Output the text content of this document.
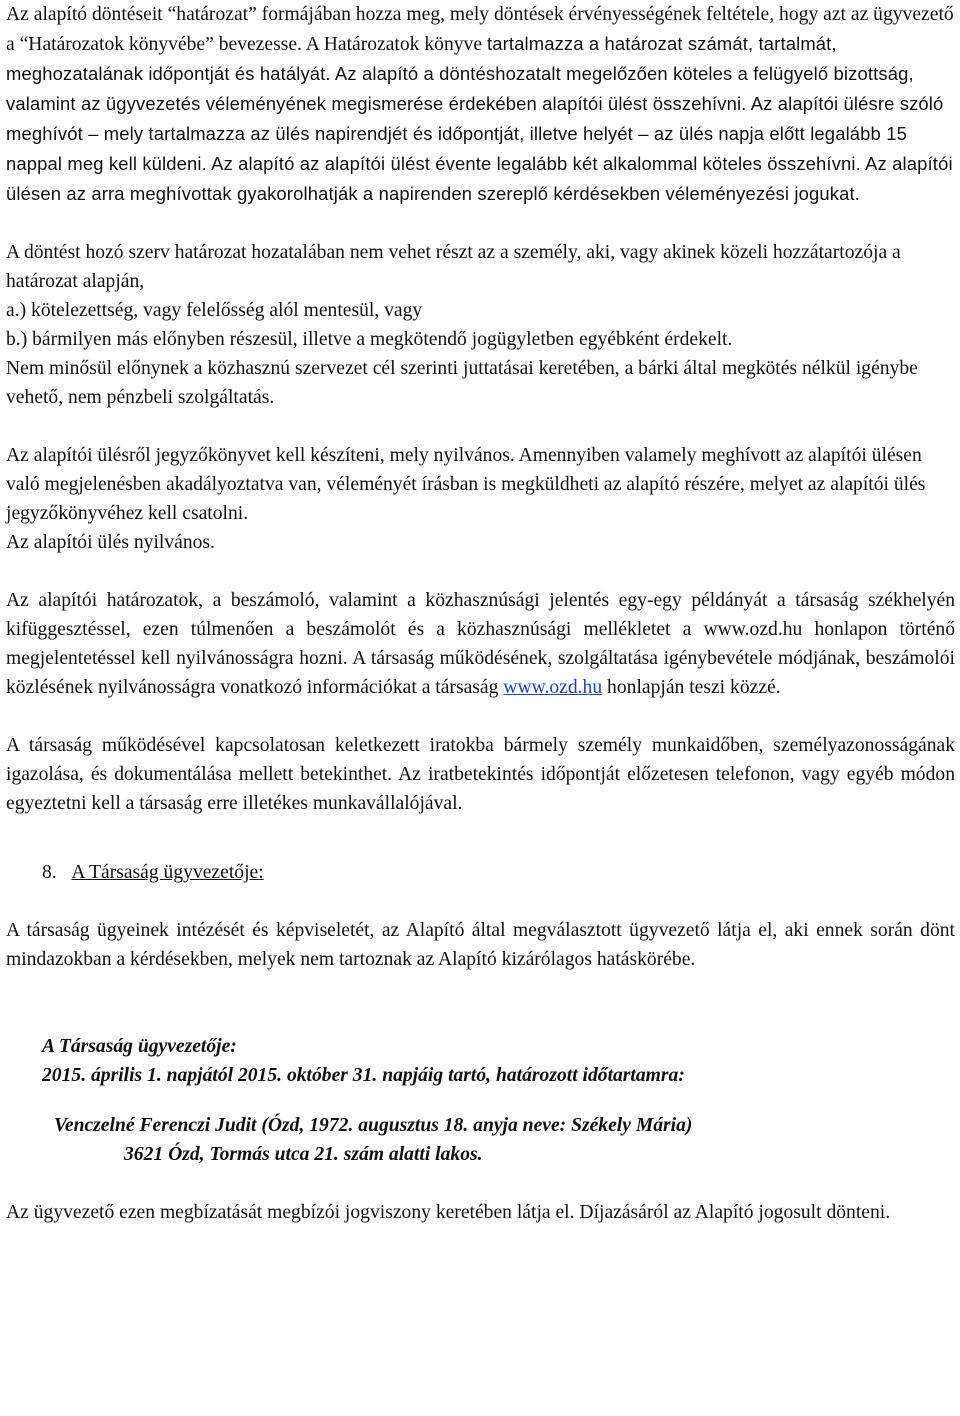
Az alapító döntéseit “határozat” formájában hozza meg, mely döntések érvényességének feltétele, hogy azt az ügyvezető a “Határozatok könyvébe” bevezesse. A Határozatok könyve tartalmazza a határozat számát, tartalmát, meghozatalának időpontját és hatályát. Az alapító a döntéshozatalt megelőzően köteles a felügyelő bizottság, valamint az ügyvezetés véleményének megismerése érdekében alapítói ülést összehívni. Az alapítói ülésre szóló meghívót – mely tartalmazza az ülés napirendjét és időpontját, illetve helyét – az ülés napja előtt legalább 15 nappal meg kell küldeni. Az alapító az alapítói ülést évente legalább két alkalommal köteles összehívni. Az alapítói ülésen az arra meghívottak gyakorolhatják a napirenden szereplő kérdésekben véleményezési jogukat.

A döntést hozó szerv határozat hozatalában nem vehet részt az a személy, aki, vagy akinek közeli hozzátartozója a határozat alapján,

a.) kötelezettség, vagy felelősség alól mentesül, vagy

b.) bármilyen más előnyben részesül, illetve a megkötendő jogügyletben egyébként érdekelt.

Nem minősül előnynek a közhasznú szervezet cél szerinti juttatásai keretében, a bárki által megkötés nélkül igénybe vehető, nem pénzbeli szolgáltatás.

Az alapítói ülésről jegyzőkönyvet kell készíteni, mely nyilvános. Amennyiben valamely meghívott az alapítói ülésen való megjelenésben akadályoztatva van, véleményét írásban is megküldheti az alapító részére, melyet az alapítói ülés jegyzőkönyvéhez kell csatolni.

Az alapítói ülés nyilvános.

Az alapítói határozatok, a beszámoló, valamint a közhasznúsági jelentés egy-egy példányát a társaság székhelyén kifüggesztéssel, ezen túlmenően a beszámolót és a közhasznúsági mellékletet a www.ozd.hu honlapon történő megjelentetéssel kell nyilvánosságra hozni. A társaság működésének, szolgáltatása igénybevétele módjának, beszámolói közlésének nyilvánosságra vonatkozó információkat a társaság www.ozd.hu honlapján teszi közzé.

A társaság működésével kapcsolatosan keletkezett iratokba bármely személy munkaidőben, személyazonosságának igazolása, és dokumentálása mellett betekinthet. Az iratbetekintés időpontját előzetesen telefonon, vagy egyéb módon egyeztetni kell a társaság erre illetékes munkavállalójával.

8. A Társaság ügyvezetője:

A társaság ügyeinek intézését és képviseletét, az Alapító által megválasztott ügyvezető látja el, aki ennek során dönt mindazokban a kérdésekben, melyek nem tartoznak az Alapító kizárólagos hatáskörébe.

A Társaság ügyvezetője:

2015. április 1. napjától 2015. október 31. napjáig tartó, határozott időtartamra:

Venczelné Ferenczi Judit (Ózd, 1972. augusztus 18. anyja neve: Székely Mária)

3621 Ózd, Tormás utca 21. szám alatti lakos.

Az ügyvezető ezen megbízatását megbízói jogviszony keretében látja el. Díjazásáról az Alapító jogosult dönteni.
